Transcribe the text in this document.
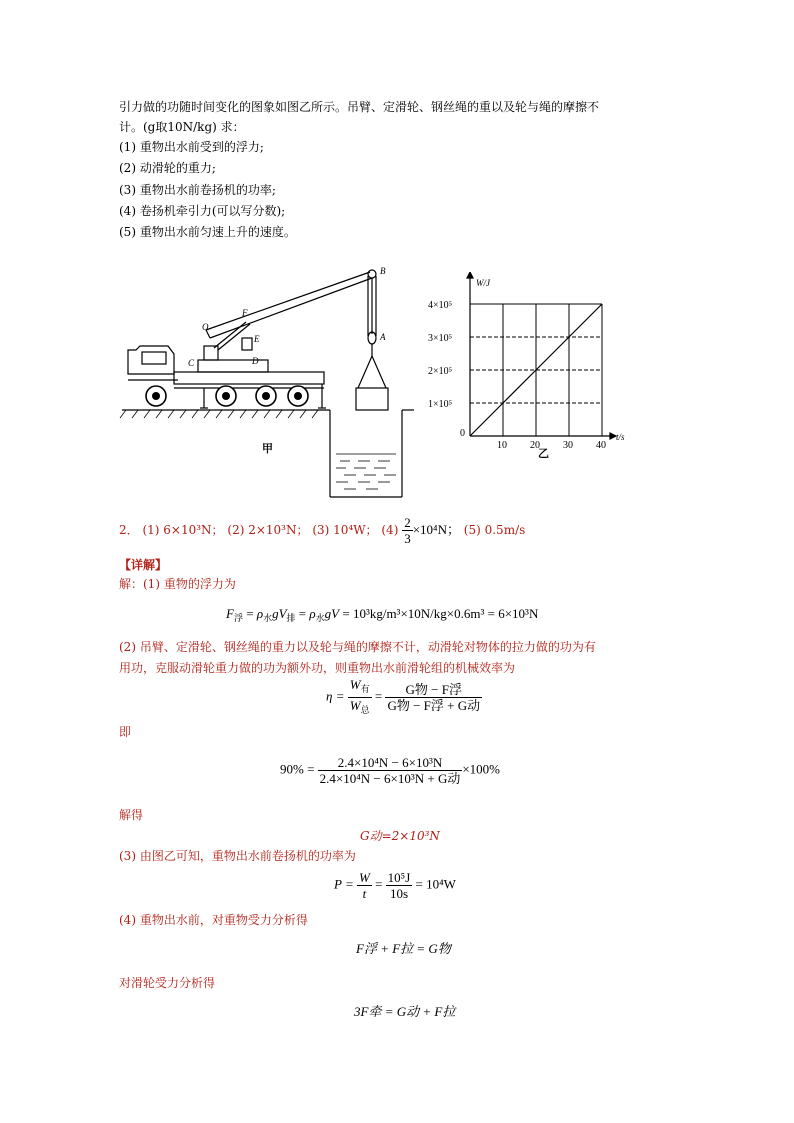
引力做的功随时间变化的图象如图乙所示。吊臂、定滑轮、钢丝绳的重以及轮与绳的摩擦不
计。(g取10N/kg) 求：
(1) 重物出水前受到的浮力;
(2) 动滑轮的重力;
(3) 重物出水前卷扬机的功率;
(4) 卷扬机牵引力(可以写分数);
(5) 重物出水前匀速上升的速度。
B
A
O
F
E
C	D
甲	10 20 30 40
1×10⁵
2×10⁵
3×10⁵
4×10⁵
W/J
t/s
0
乙
2． (1) 6×10³N； (2) 2×10³N； (3) 10⁴W； $(4) \frac{2}{3} \times 10^4N$； (5) 0.5m/s
【详解】
解：(1) 重物的浮力为
$F_浮 = \rho_水gV_排 = \rho_水gV = 10^3kg/m^3\times 10N/kg\times 0.6m^3 = 6\times 10^3N$
(2) 吊臂、定滑轮、钢丝绳的重力以及轮与绳的摩擦不计，动滑轮对物体的拉力做的功为有
用功，克服动滑轮重力做的功为额外功，则重物出水前滑轮组的机械效率为
$\eta = \frac{W_有}{W_总} = \frac{\text{G物 − F浮}}{\text{G物 − F浮 + G动}}$
即
$90\% = \frac{\text{2.4×10⁴N − 6×10³N}}{\text{2.4×10⁴N − 6×10³N + G动}} \times 100\%$
解得
G动=2×10³N
(3) 由图乙可知，重物出水前卷扬机的功率为
$P = \frac{W}{t} = \frac{\text{10⁵J}}{10s} = 10^4W$
(4) 重物出水前，对重物受力分析得
F浮 + F拉 = G物
对滑轮受力分析得
3F牵 = G动 + F拉
